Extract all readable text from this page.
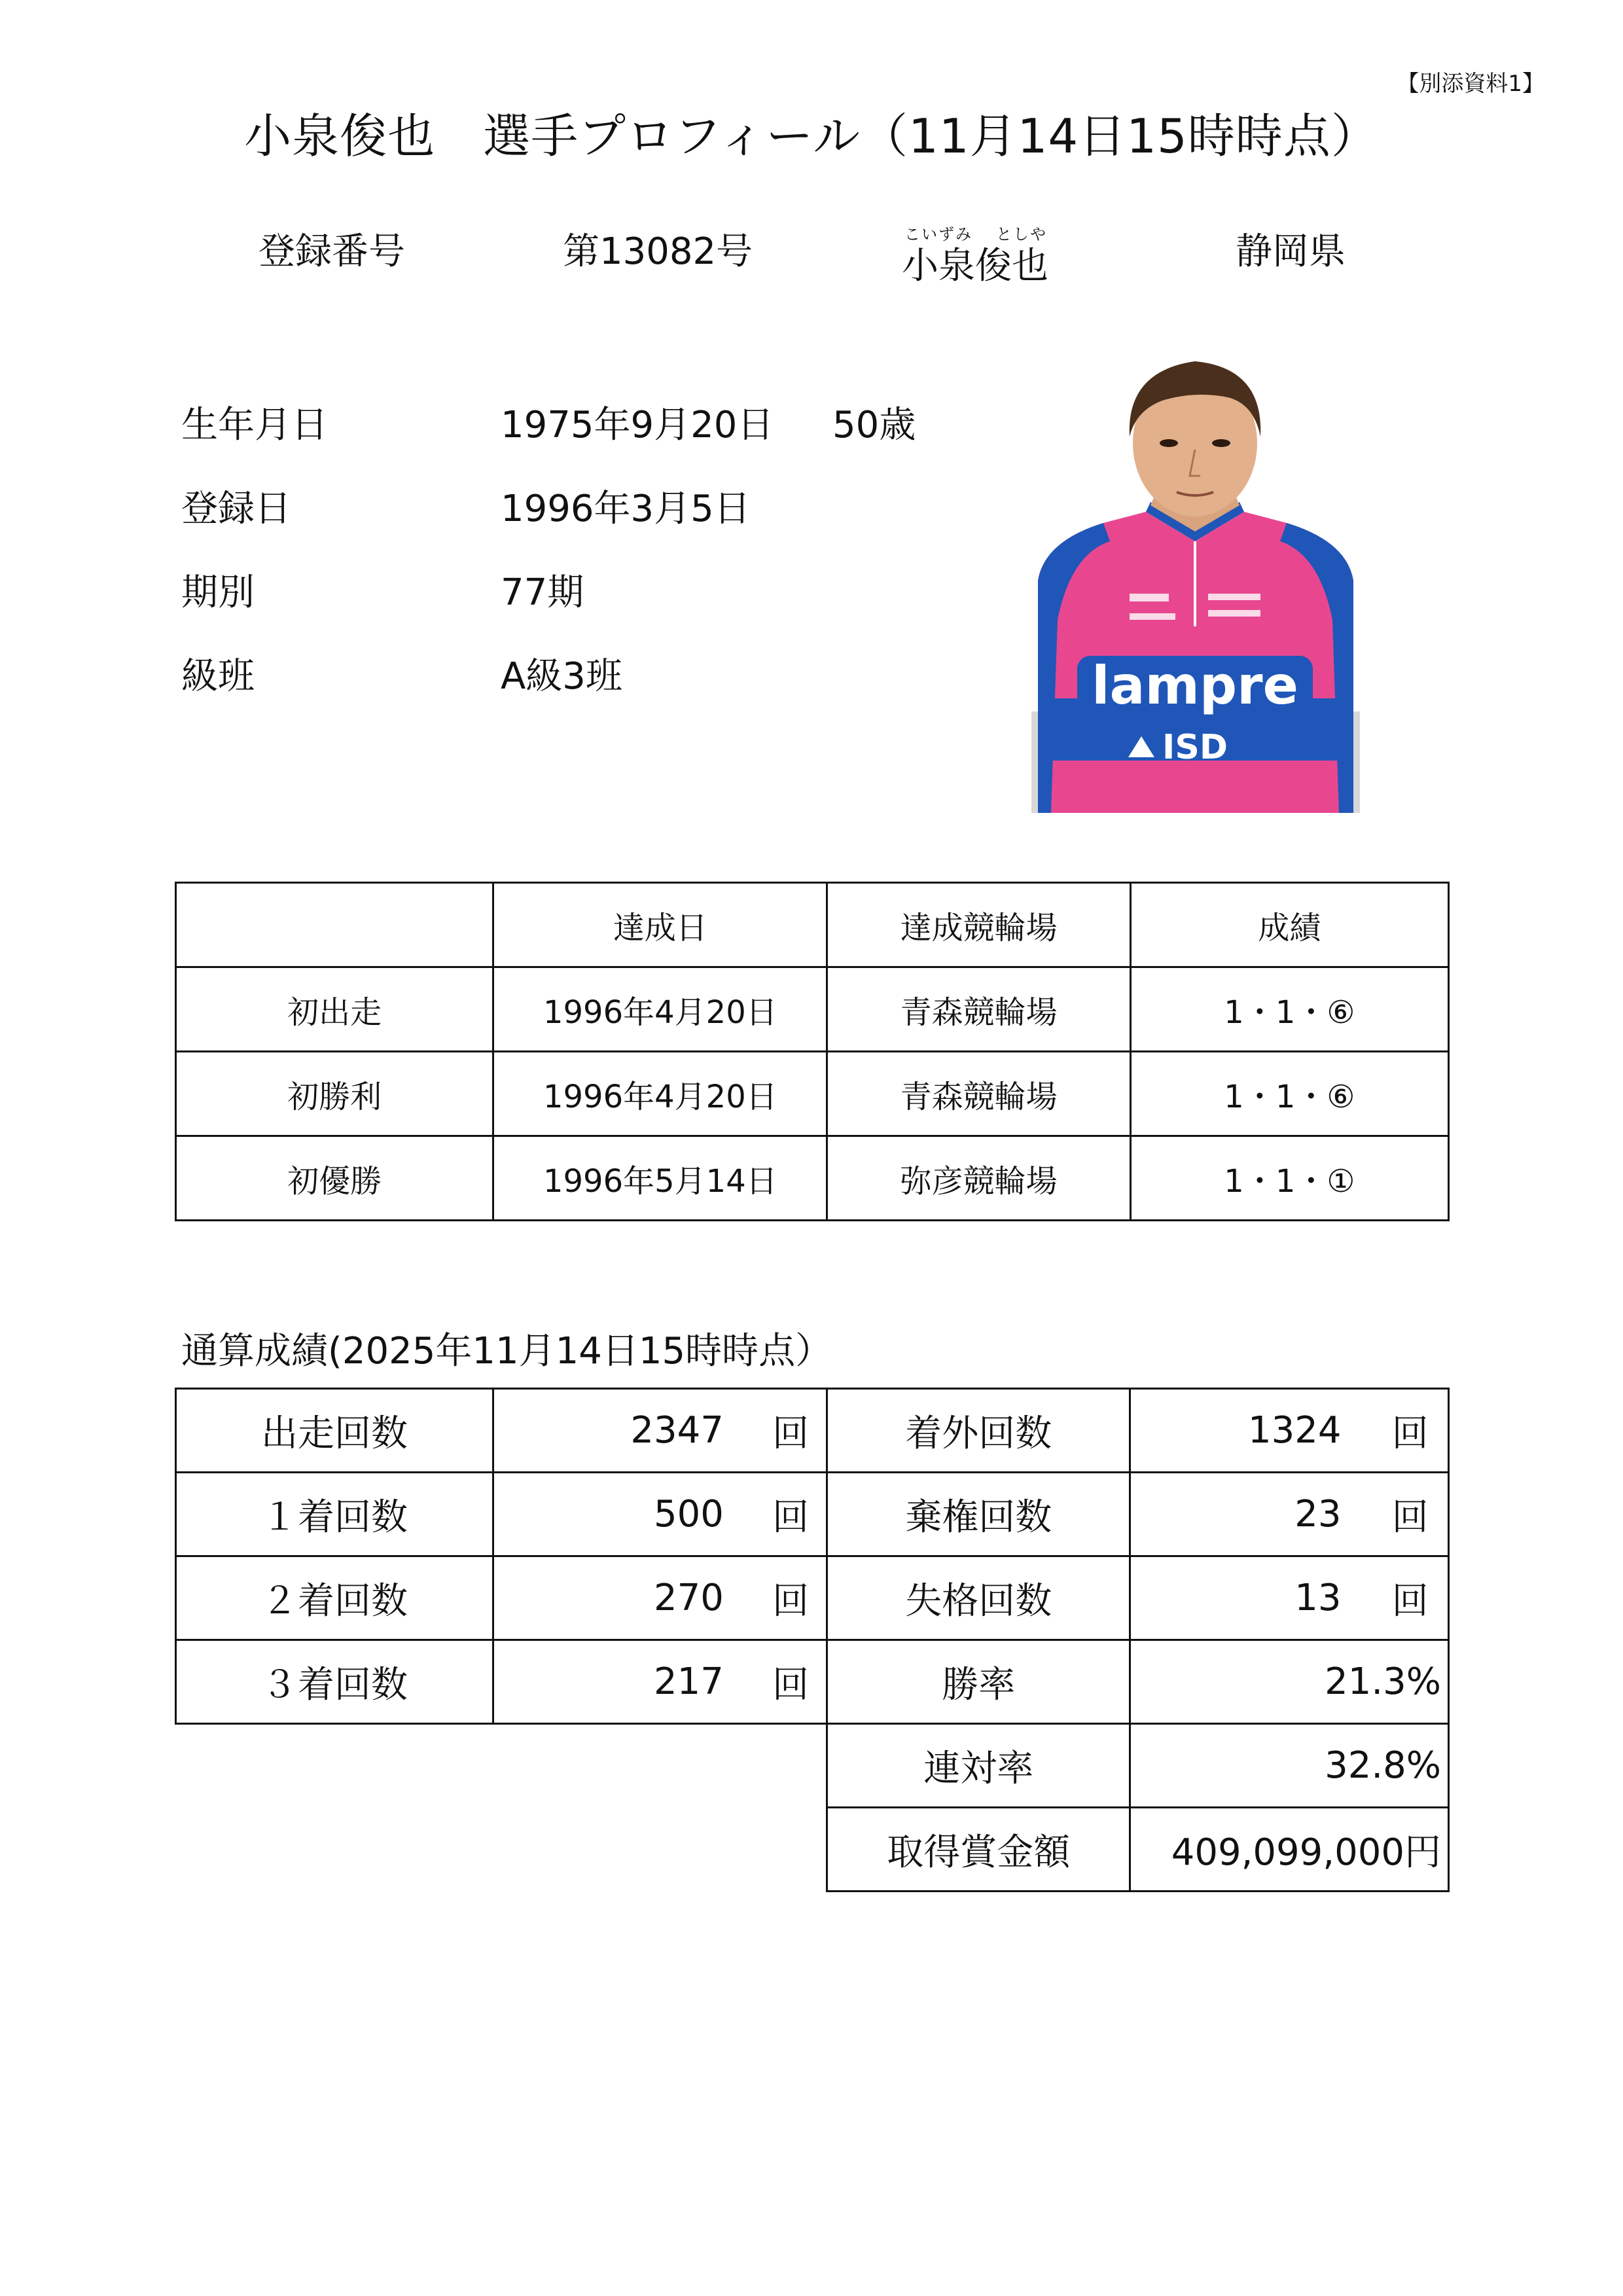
【別添資料1】
小泉俊也　選手プロフィール（11月14日15時時点）
登録番号	第13082号	こいずみ としや
小泉俊也	静岡県
生年月日	1975年9月20日 50歳
登録日	1996年3月5日
期別	77期
級班	A級3班	lampre
ISD
	達成日	達成競輪場	成績
初出走	1996年4月20日	青森競輪場	1・1・⑥
初勝利	1996年4月20日	青森競輪場	1・1・⑥
初優勝	1996年5月14日	弥彦競輪場	1・1・①
通算成績(2025年11月14日15時時点）
出走回数	2347	回	着外回数	1324	回
１着回数	500	回	棄権回数	23	回
２着回数	270	回	失格回数	13	回
３着回数	217	回	勝率	21.3%	
			連対率	32.8%	
			取得賞金額	409,099,000円	
